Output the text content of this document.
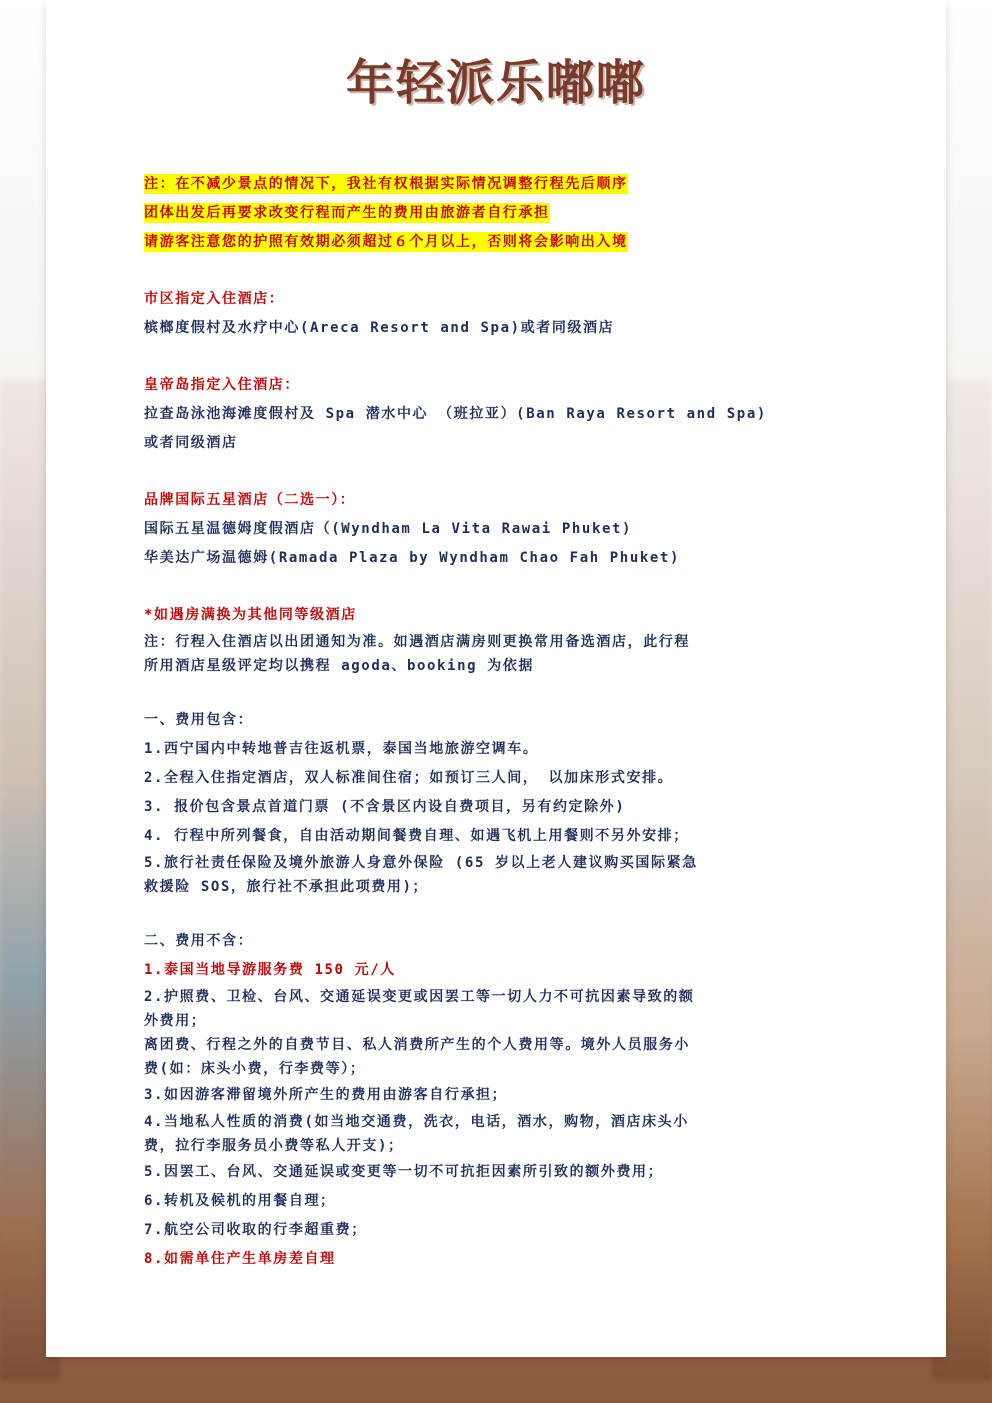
年轻派乐嘟嘟

注：在不减少景点的情况下，我社有权根据实际情况调整行程先后顺序

团体出发后再要求改变行程而产生的费用由旅游者自行承担

请游客注意您的护照有效期必须超过６个月以上，否则将会影响出入境

市区指定入住酒店：

槟榔度假村及水疗中心(Areca Resort and Spa)或者同级酒店

皇帝岛指定入住酒店：

拉查岛泳池海滩度假村及 Spa 潜水中心 （班拉亚）(Ban Raya Resort and Spa)

或者同级酒店

品牌国际五星酒店（二选一）：

国际五星温德姆度假酒店（(Wyndham La Vita Rawai Phuket)

华美达广场温德姆(Ramada Plaza by Wyndham Chao Fah Phuket)

*如遇房满换为其他同等级酒店

注：行程入住酒店以出团通知为准。如遇酒店满房则更换常用备选酒店，此行程

所用酒店星级评定均以携程 agoda、booking 为依据

一、费用包含：

1.西宁国内中转地普吉往返机票，泰国当地旅游空调车。

2.全程入住指定酒店，双人标准间住宿；如预订三人间， 以加床形式安排。

3. 报价包含景点首道门票 (不含景区内设自费项目，另有约定除外)

4. 行程中所列餐食，自由活动期间餐费自理、如遇飞机上用餐则不另外安排；

5.旅行社责任保险及境外旅游人身意外保险 (65 岁以上老人建议购买国际紧急

救援险 SOS，旅行社不承担此项费用)；

二、费用不含：

1.泰国当地导游服务费 150 元/人

2.护照费、卫检、台风、交通延误变更或因罢工等一切人力不可抗因素导致的额

外费用；

离团费、行程之外的自费节目、私人消费所产生的个人费用等。境外人员服务小

费(如：床头小费，行李费等）；

3.如因游客滞留境外所产生的费用由游客自行承担；

4.当地私人性质的消费(如当地交通费，洗衣，电话，酒水，购物，酒店床头小

费，拉行李服务员小费等私人开支)；

5.因罢工、台风、交通延误或变更等一切不可抗拒因素所引致的额外费用；

6.转机及候机的用餐自理；

7.航空公司收取的行李超重费；

8.如需单住产生单房差自理
